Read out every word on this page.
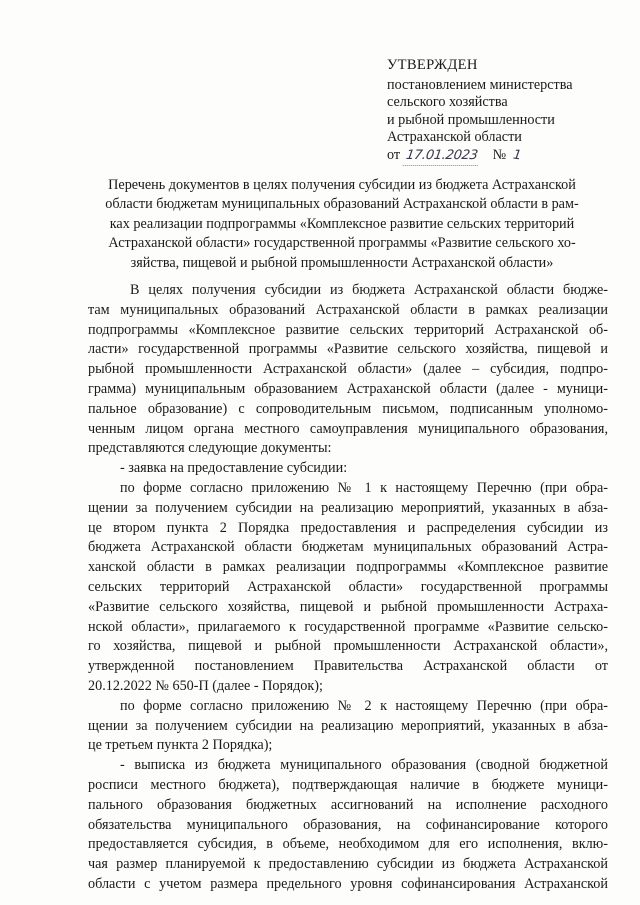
УТВЕРЖДЕН
постановлением министерства
сельского хозяйства
и рыбной промышленности
Астраханской области
от 17.01.2023 № 1
Перечень документов в целях получения субсидии из бюджета Астраханской
области бюджетам муниципальных образований Астраханской области в рам-
ках реализации подпрограммы «Комплексное развитие сельских территорий
Астраханской области» государственной программы «Развитие сельского хо-
зяйства, пищевой и рыбной промышленности Астраханской области»
В целях получения субсидии из бюджета Астраханской области бюдже-
там муниципальных образований Астраханской области в рамках реализации
подпрограммы «Комплексное развитие сельских территорий Астраханской об-
ласти» государственной программы «Развитие сельского хозяйства, пищевой и
рыбной промышленности Астраханской области» (далее – субсидия, подпро-
грамма) муниципальным образованием Астраханской области (далее - муници-
пальное образование) с сопроводительным письмом, подписанным уполномо-
ченным лицом органа местного самоуправления муниципального образования,
представляются следующие документы:
- заявка на предоставление субсидии:
по форме согласно приложению № 1 к настоящему Перечню (при обра-
щении за получением субсидии на реализацию мероприятий, указанных в абза-
це втором пункта 2 Порядка предоставления и распределения субсидии из
бюджета Астраханской области бюджетам муниципальных образований Астра-
ханской области в рамках реализации подпрограммы «Комплексное развитие
сельских территорий Астраханской области» государственной программы
«Развитие сельского хозяйства, пищевой и рыбной промышленности Астраха-
нской области», прилагаемого к государственной программе «Развитие сельско-
го хозяйства, пищевой и рыбной промышленности Астраханской области»,
утвержденной постановлением Правительства Астраханской области от
20.12.2022 № 650-П (далее - Порядок);
по форме согласно приложению № 2 к настоящему Перечню (при обра-
щении за получением субсидии на реализацию мероприятий, указанных в абза-
це третьем пункта 2 Порядка);
- выписка из бюджета муниципального образования (сводной бюджетной
росписи местного бюджета), подтверждающая наличие в бюджете муници-
пального образования бюджетных ассигнований на исполнение расходного
обязательства муниципального образования, на софинансирование которого
предоставляется субсидия, в объеме, необходимом для его исполнения, вклю-
чая размер планируемой к предоставлению субсидии из бюджета Астраханской
области с учетом размера предельного уровня софинансирования Астраханской
